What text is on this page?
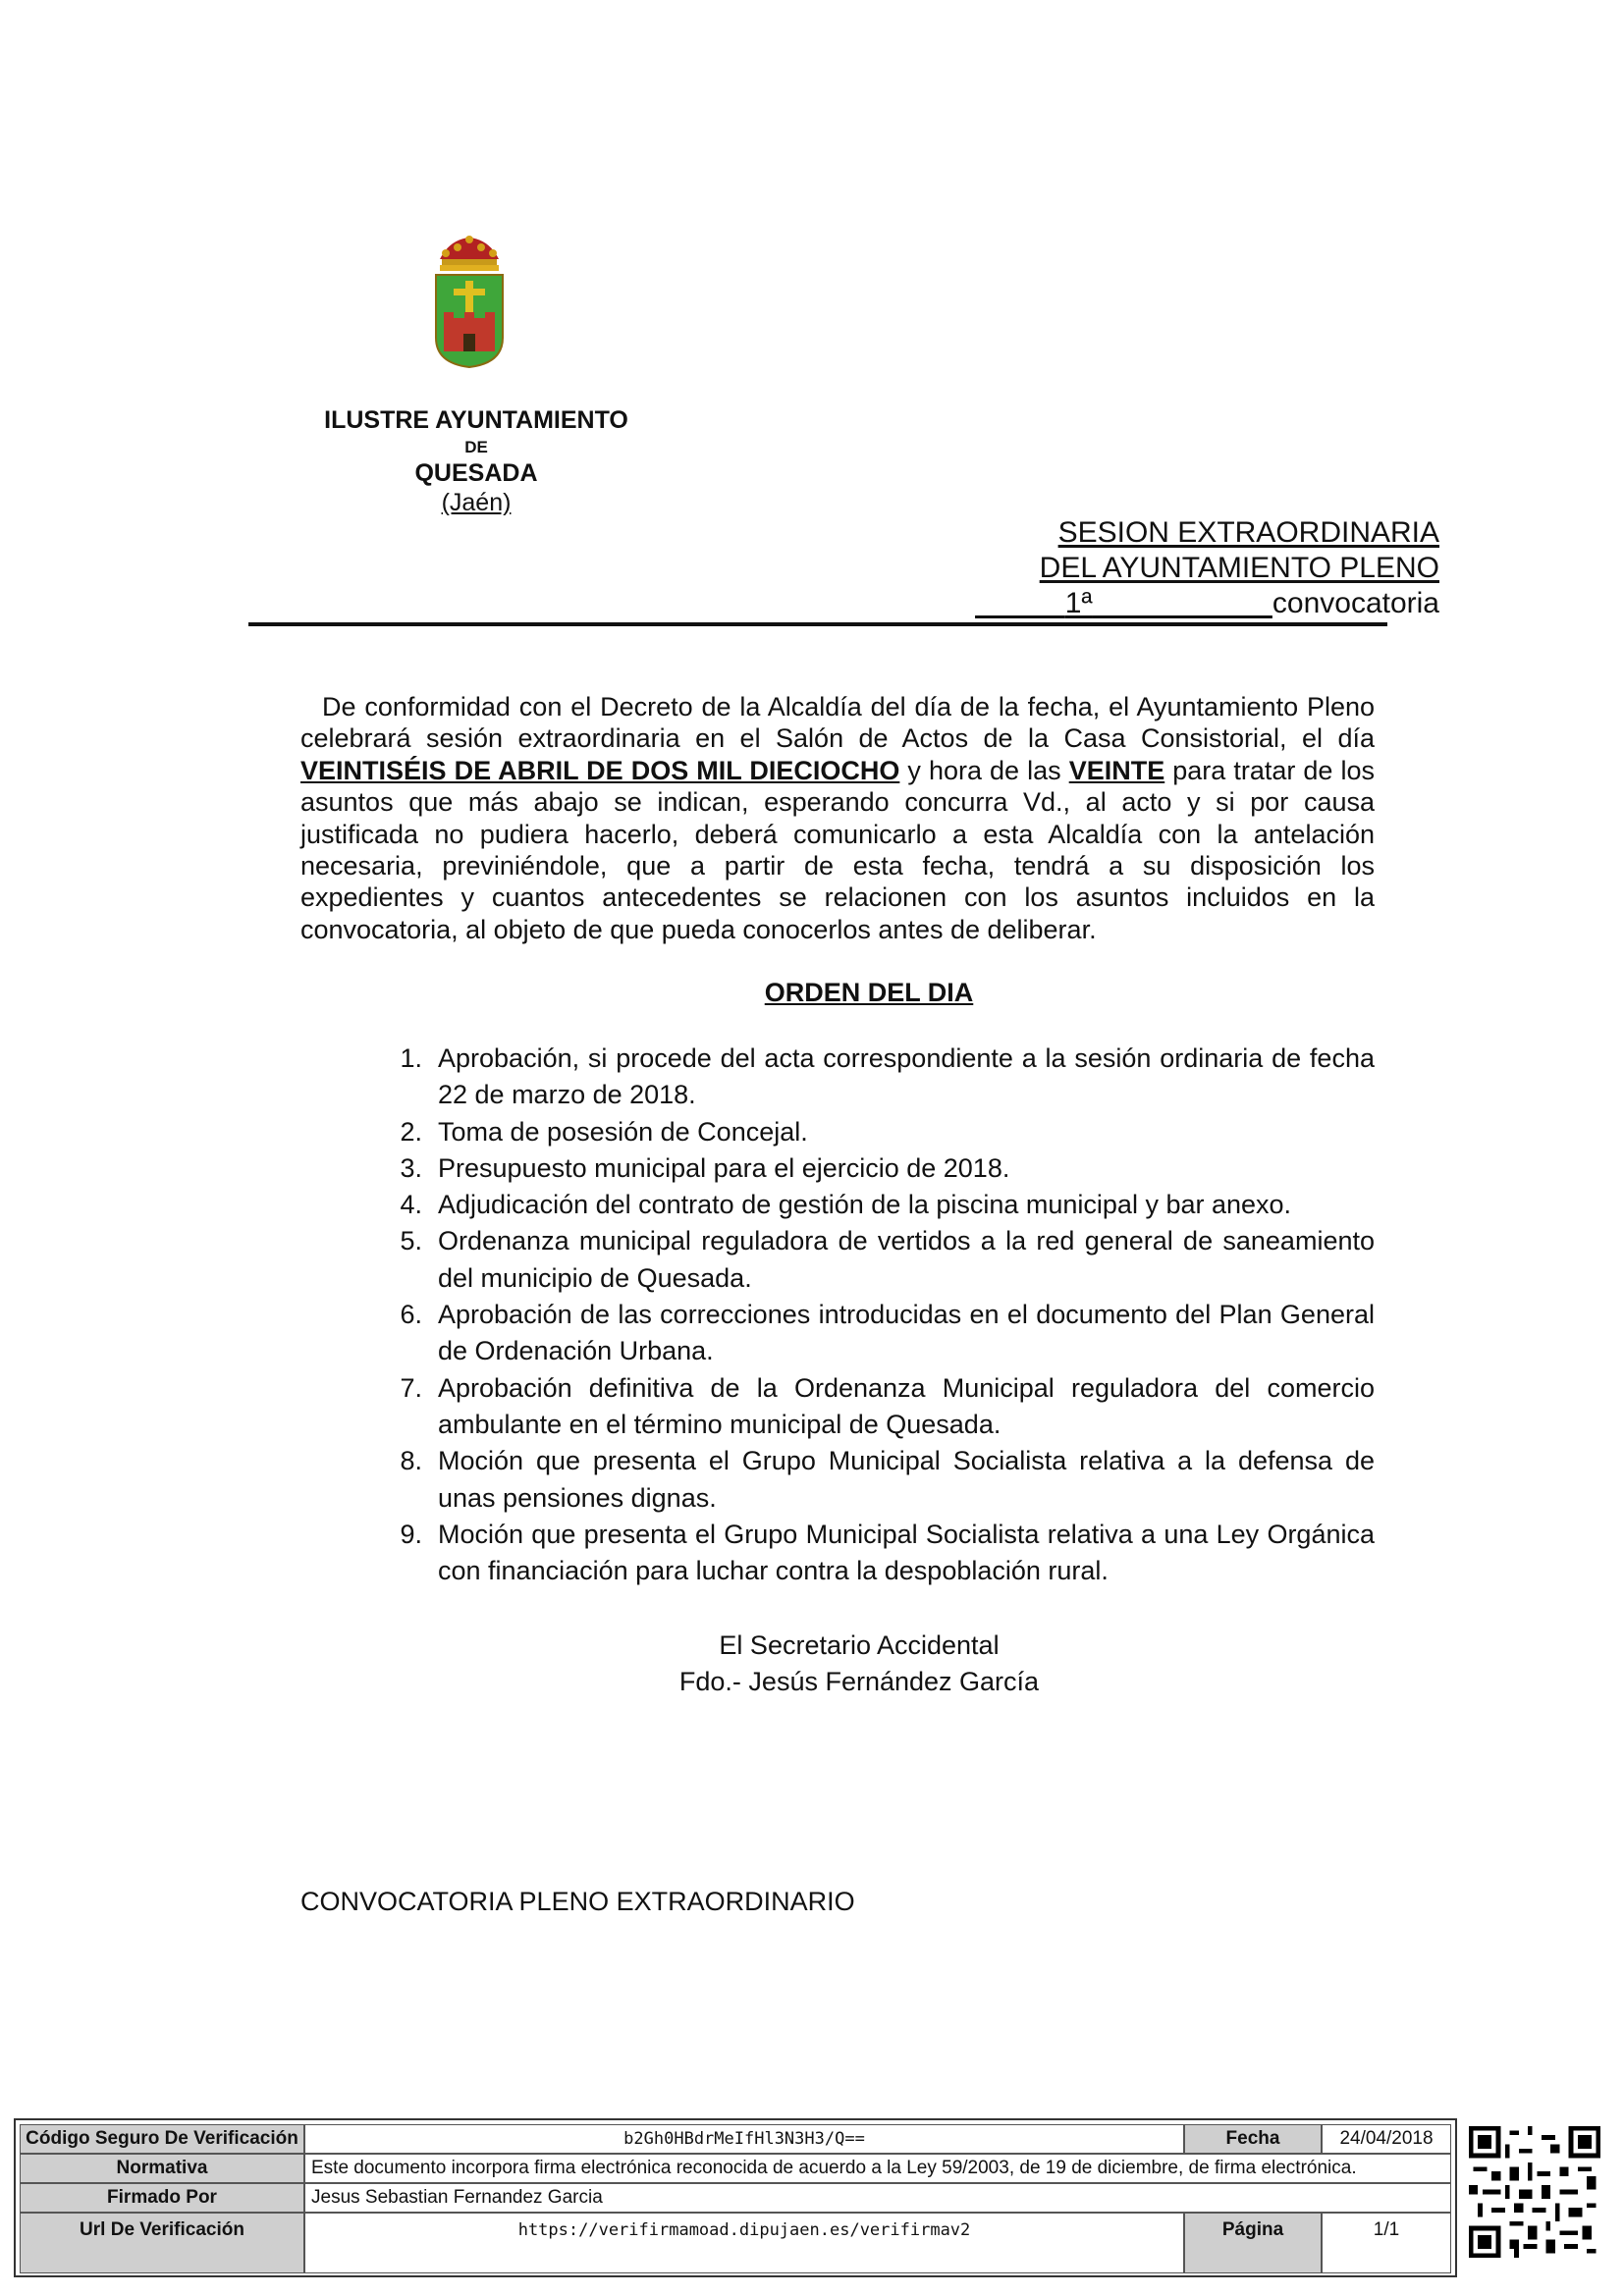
ILUSTRE AYUNTAMIENTO
DE
QUESADA
(Jaén)
SESION EXTRAORDINARIA
DEL AYUNTAMIENTO PLENO
1ª	convocatoria
De conformidad con el Decreto de la Alcaldía del día de la fecha, el Ayuntamiento Pleno celebrará sesión extraordinaria en el Salón de Actos de la Casa Consistorial, el día VEINTISÉIS DE ABRIL DE DOS MIL DIECIOCHO y hora de las VEINTE para tratar de los asuntos que más abajo se indican, esperando concurra Vd., al acto y si por causa justificada no pudiera hacerlo, deberá comunicarlo a esta Alcaldía con la antelación necesaria, previniéndole, que a partir de esta fecha, tendrá a su disposición los expedientes y cuantos antecedentes se relacionen con los asuntos incluidos en la convocatoria, al objeto de que pueda conocerlos antes de deliberar.
ORDEN DEL DIA
1. Aprobación, si procede del acta correspondiente a la sesión ordinaria de fecha 22 de marzo de 2018.
2. Toma de posesión de Concejal.
3. Presupuesto municipal para el ejercicio de 2018.
4. Adjudicación del contrato de gestión de la piscina municipal y bar anexo.
5. Ordenanza municipal reguladora de vertidos a la red general de saneamiento del municipio de Quesada.
6. Aprobación de las correcciones introducidas en el documento del Plan General de Ordenación Urbana.
7. Aprobación definitiva de la Ordenanza Municipal reguladora del comercio ambulante en el término municipal de Quesada.
8. Moción que presenta el Grupo Municipal Socialista relativa a la defensa de unas pensiones dignas.
9. Moción que presenta el Grupo Municipal Socialista relativa a una Ley Orgánica con financiación para luchar contra la despoblación rural.
El Secretario Accidental
Fdo.- Jesús Fernández García
CONVOCATORIA PLENO EXTRAORDINARIO
Código Seguro De Verificación	b2Gh0HBdrMeIfHl3N3H3/Q==	Fecha	24/04/2018
Normativa	Este documento incorpora firma electrónica reconocida de acuerdo a la Ley 59/2003, de 19 de diciembre, de firma electrónica.
Firmado Por	Jesus Sebastian Fernandez Garcia
Url De Verificación	https://verifirmamoad.dipujaen.es/verifirmav2	Página	1/1
